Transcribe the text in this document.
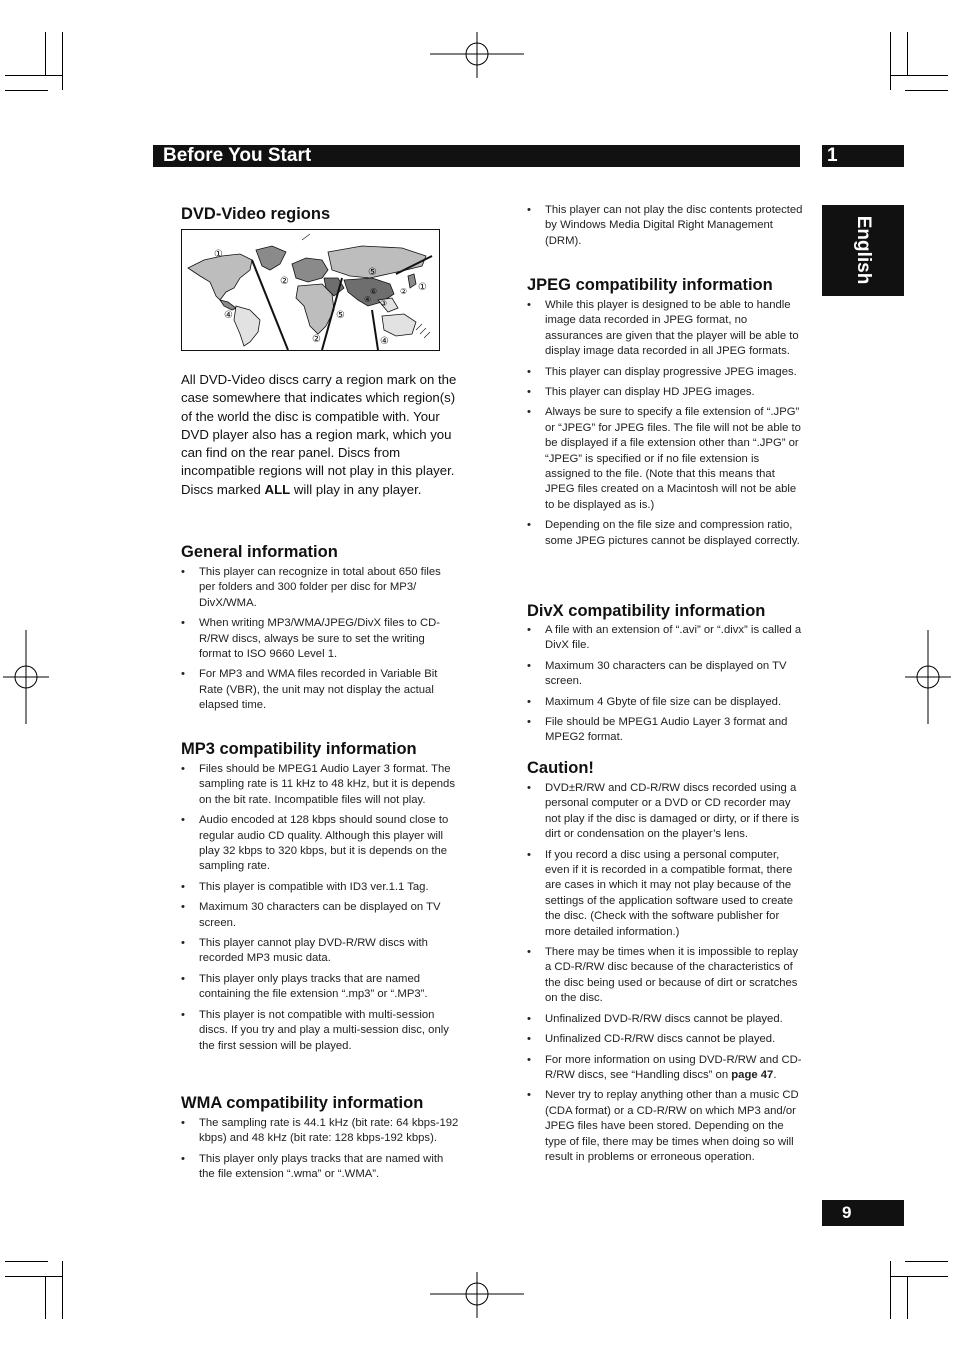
Before You Start	1
English
DVD-Video regions
①
②
③
④
⑤
⑥	①
②
④
⑤
②	④
All DVD-Video discs carry a region mark on the case somewhere that indicates which region(s) of the world the disc is compatible with. Your DVD player also has a region mark, which you can find on the rear panel. Discs from incompatible regions will not play in this player. Discs marked ALL will play in any player.
General information
• This player can recognize in total about 650 files per folders and 300 folder per disc for MP3/ DivX/WMA.
• When writing MP3/WMA/JPEG/DivX files to CD-R/RW discs, always be sure to set the writing format to ISO 9660 Level 1.
• For MP3 and WMA files recorded in Variable Bit Rate (VBR), the unit may not display the actual elapsed time.
MP3 compatibility information
• Files should be MPEG1 Audio Layer 3 format. The sampling rate is 11 kHz to 48 kHz, but it is depends on the bit rate. Incompatible files will not play.
• Audio encoded at 128 kbps should sound close to regular audio CD quality. Although this player will play 32 kbps to 320 kbps, but it is depends on the sampling rate.
• This player is compatible with ID3 ver.1.1 Tag.
• Maximum 30 characters can be displayed on TV screen.
• This player cannot play DVD-R/RW discs with recorded MP3 music data.
• This player only plays tracks that are named containing the file extension “.mp3” or “.MP3”.
• This player is not compatible with multi-session discs. If you try and play a multi-session disc, only the first session will be played.
WMA compatibility information
• The sampling rate is 44.1 kHz (bit rate: 64 kbps-192 kbps) and 48 kHz (bit rate: 128 kbps-192 kbps).
• This player only plays tracks that are named with the file extension “.wma” or “.WMA”.
• This player can not play the disc contents protected by Windows Media Digital Right Management (DRM).
JPEG compatibility information
• While this player is designed to be able to handle image data recorded in JPEG format, no assurances are given that the player will be able to display image data recorded in all JPEG formats.
• This player can display progressive JPEG images.
• This player can display HD JPEG images.
• Always be sure to specify a file extension of “.JPG” or “JPEG” for JPEG files. The file will not be able to be displayed if a file extension other than “.JPG” or “JPEG” is specified or if no file extension is assigned to the file. (Note that this means that JPEG files created on a Macintosh will not be able to be displayed as is.)
• Depending on the file size and compression ratio, some JPEG pictures cannot be displayed correctly.
DivX compatibility information
• A file with an extension of “.avi” or “.divx” is called a DivX file.
• Maximum 30 characters can be displayed on TV screen.
• Maximum 4 Gbyte of file size can be displayed.
• File should be MPEG1 Audio Layer 3 format and MPEG2 format.
Caution!
• DVD±R/RW and CD-R/RW discs recorded using a personal computer or a DVD or CD recorder may not play if the disc is damaged or dirty, or if there is dirt or condensation on the player’s lens.
• If you record a disc using a personal computer, even if it is recorded in a compatible format, there are cases in which it may not play because of the settings of the application software used to create the disc. (Check with the software publisher for more detailed information.)
• There may be times when it is impossible to replay a CD-R/RW disc because of the characteristics of the disc being used or because of dirt or scratches on the disc.
• Unfinalized DVD-R/RW discs cannot be played.
• Unfinalized CD-R/RW discs cannot be played.
• For more information on using DVD-R/RW and CD-R/RW discs, see “Handling discs” on page 47.
• Never try to replay anything other than a music CD (CDA format) or a CD-R/RW on which MP3 and/or JPEG files have been stored. Depending on the type of file, there may be times when doing so will result in problems or erroneous operation.
9
